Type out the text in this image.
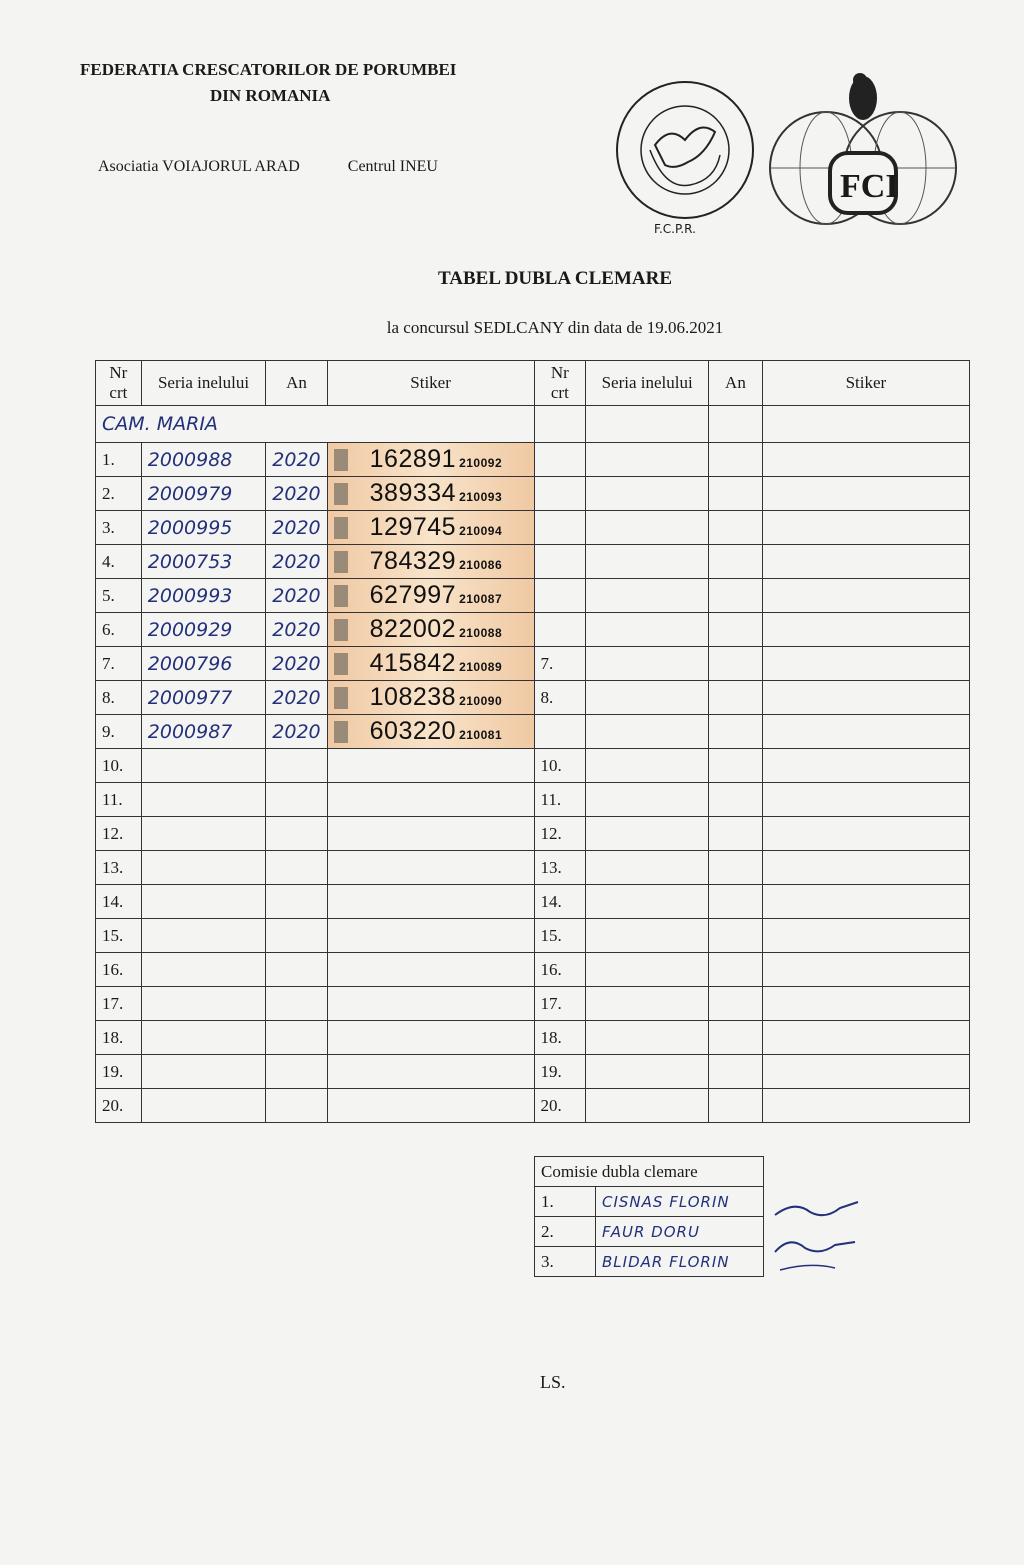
FEDERATIA CRESCATORILOR DE PORUMBEI
DIN ROMANIA
Asociatia VOIAJORUL ARAD	Centrul INEU
F.C.P.R.
FCI
TABEL DUBLA CLEMARE
la concursul SEDLCANY din data de 19.06.2021
Nr crt	Seria inelului	An	Stiker	Nr crt	Seria inelului	An	Stiker
CAM. MARIA							
1.	2000988	2020	162891 210092				
2.	2000979	2020	389334 210093				
3.	2000995	2020	129745 210094				
4.	2000753	2020	784329 210086				
5.	2000993	2020	627997 210087				
6.	2000929	2020	822002 210088				
7.	2000796	2020	415842 210089	7.			
8.	2000977	2020	108238 210090	8.			
9.	2000987	2020	603220 210081				
10.				10.			
11.				11.			
12.				12.			
13.				13.			
14.				14.			
15.				15.			
16.				16.			
17.				17.			
18.				18.			
19.				19.			
20.				20.			
Comisie dubla clemare	
1.	CISNAS FLORIN
2.	FAUR DORU
3.	BLIDAR FLORIN
LS.
